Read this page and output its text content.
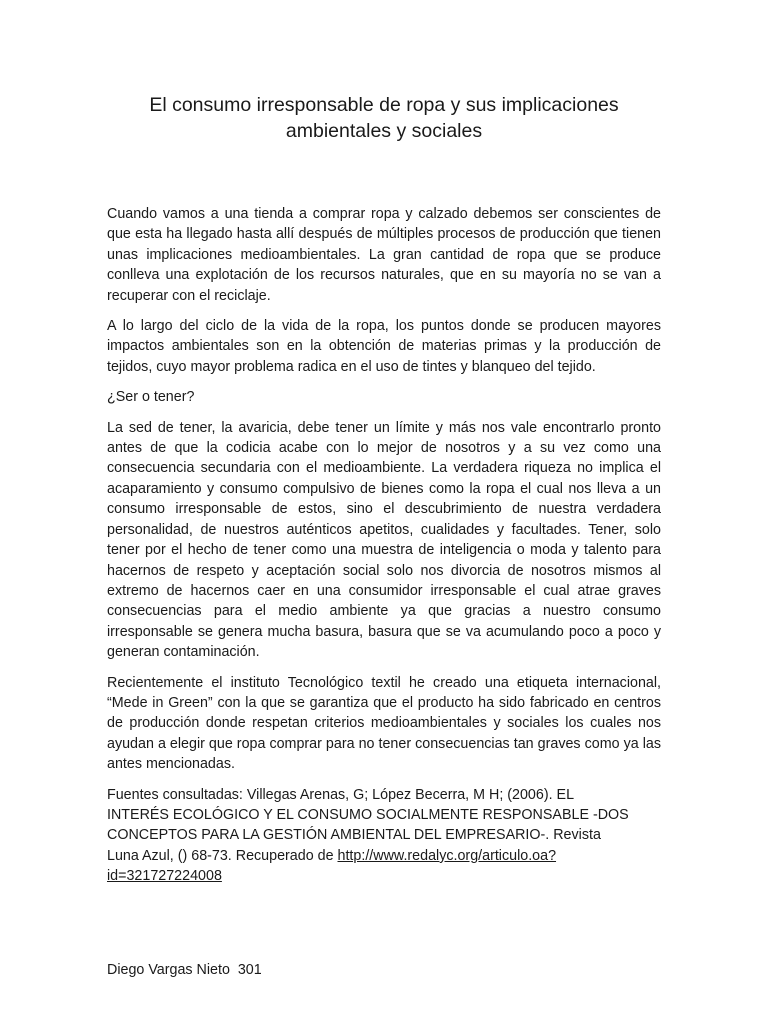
El consumo irresponsable de ropa y sus implicaciones
ambientales y sociales

Cuando vamos a una tienda a comprar ropa y calzado debemos ser conscientes de que esta ha llegado hasta allí después de múltiples procesos de producción que tienen unas implicaciones medioambientales. La gran cantidad de ropa que se produce conlleva una explotación de los recursos naturales, que en su mayoría no se van a recuperar con el reciclaje.

A lo largo del ciclo de la vida de la ropa, los puntos donde se producen mayores impactos ambientales son en la obtención de materias primas y la producción de tejidos, cuyo mayor problema radica en el uso de tintes y blanqueo del tejido.

¿Ser o tener?

La sed de tener, la avaricia, debe tener un límite y más nos vale encontrarlo pronto antes de que la codicia acabe con lo mejor de nosotros y a su vez como una consecuencia secundaria con el medioambiente. La verdadera riqueza no implica el acaparamiento y consumo compulsivo de bienes como la ropa el cual nos lleva a un consumo irresponsable de estos, sino el descubrimiento de nuestra verdadera personalidad, de nuestros auténticos apetitos, cualidades y facultades. Tener, solo tener por el hecho de tener como una muestra de inteligencia o moda y talento para hacernos de respeto y aceptación social solo nos divorcia de nosotros mismos al extremo de hacernos caer en una consumidor irresponsable el cual atrae graves consecuencias para el medio ambiente ya que gracias a nuestro consumo irresponsable se genera mucha basura, basura que se va acumulando poco a poco y generan contaminación.

Recientemente el instituto Tecnológico textil he creado una etiqueta internacional, “Mede in Green” con la que se garantiza que el producto ha sido fabricado en centros de producción donde respetan criterios medioambientales y sociales los cuales nos ayudan a elegir que ropa comprar para no tener consecuencias tan graves como ya las antes mencionadas.

Fuentes consultadas: Villegas Arenas, G; López Becerra, M H; (2006). EL
INTERÉS ECOLÓGICO Y EL CONSUMO SOCIALMENTE RESPONSABLE -DOS
CONCEPTOS PARA LA GESTIÓN AMBIENTAL DEL EMPRESARIO-. Revista
Luna Azul, () 68-73. Recuperado de http://www.redalyc.org/articulo.oa?
id=321727224008

Diego Vargas Nieto  301
